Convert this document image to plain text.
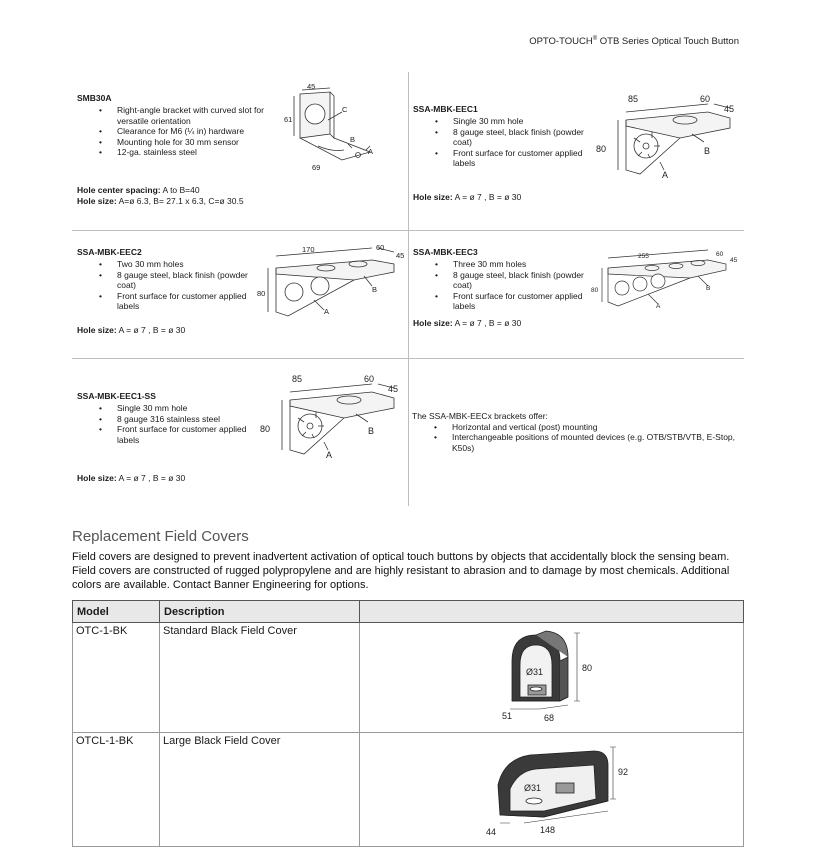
OPTO-TOUCH® OTB Series Optical Touch Button
SMB30A
• Right-angle bracket with curved slot for versatile orientation
• Clearance for M6 (¼ in) hardware
• Mounting hole for 30 mm sensor
• 12-ga. stainless steel
Hole center spacing: A to B=40
Hole size: A=ø 6.3, B= 27.1 x 6.3, C=ø 30.5
45
61
69
C
B
A
SSA-MBK-EEC1
• Single 30 mm hole
• 8 gauge steel, black finish (powder coat)
• Front surface for customer applied labels
Hole size: A = ø 7 , B = ø 30
85	60
45
80	B
A
SSA-MBK-EEC2
• Two 30 mm holes
• 8 gauge steel, black finish (powder coat)
• Front surface for customer applied labels
Hole size: A = ø 7 , B = ø 30
170	60
45
80	B
A
SSA-MBK-EEC3
• Three 30 mm holes
• 8 gauge steel, black finish (powder coat)
• Front surface for customer applied labels
Hole size: A = ø 7 , B = ø 30
255	60
45
80	B
A
SSA-MBK-EEC1-SS
• Single 30 mm hole
• 8 gauge 316 stainless steel
• Front surface for customer applied labels
Hole size: A = ø 7 , B = ø 30
85	60
45
80	B
A
The SSA-MBK-EECx brackets offer:
• Horizontal and vertical (post) mounting
• Interchangeable positions of mounted devices (e.g. OTB/STB/VTB, E-Stop, K50s)
Replacement Field Covers
Field covers are designed to prevent inadvertent activation of optical touch buttons by objects that accidentally block the sensing beam. Field covers are constructed of rugged polypropylene and are highly resistant to abrasion and to damage by most chemicals. Additional colors are available. Contact Banner Engineering for options.
Model	Description	
OTC-1-BK	Standard Black Field Cover	Ø31 80
51 68

OTCL-1-BK	Large Black Field Cover	Ø31
92
44 148
